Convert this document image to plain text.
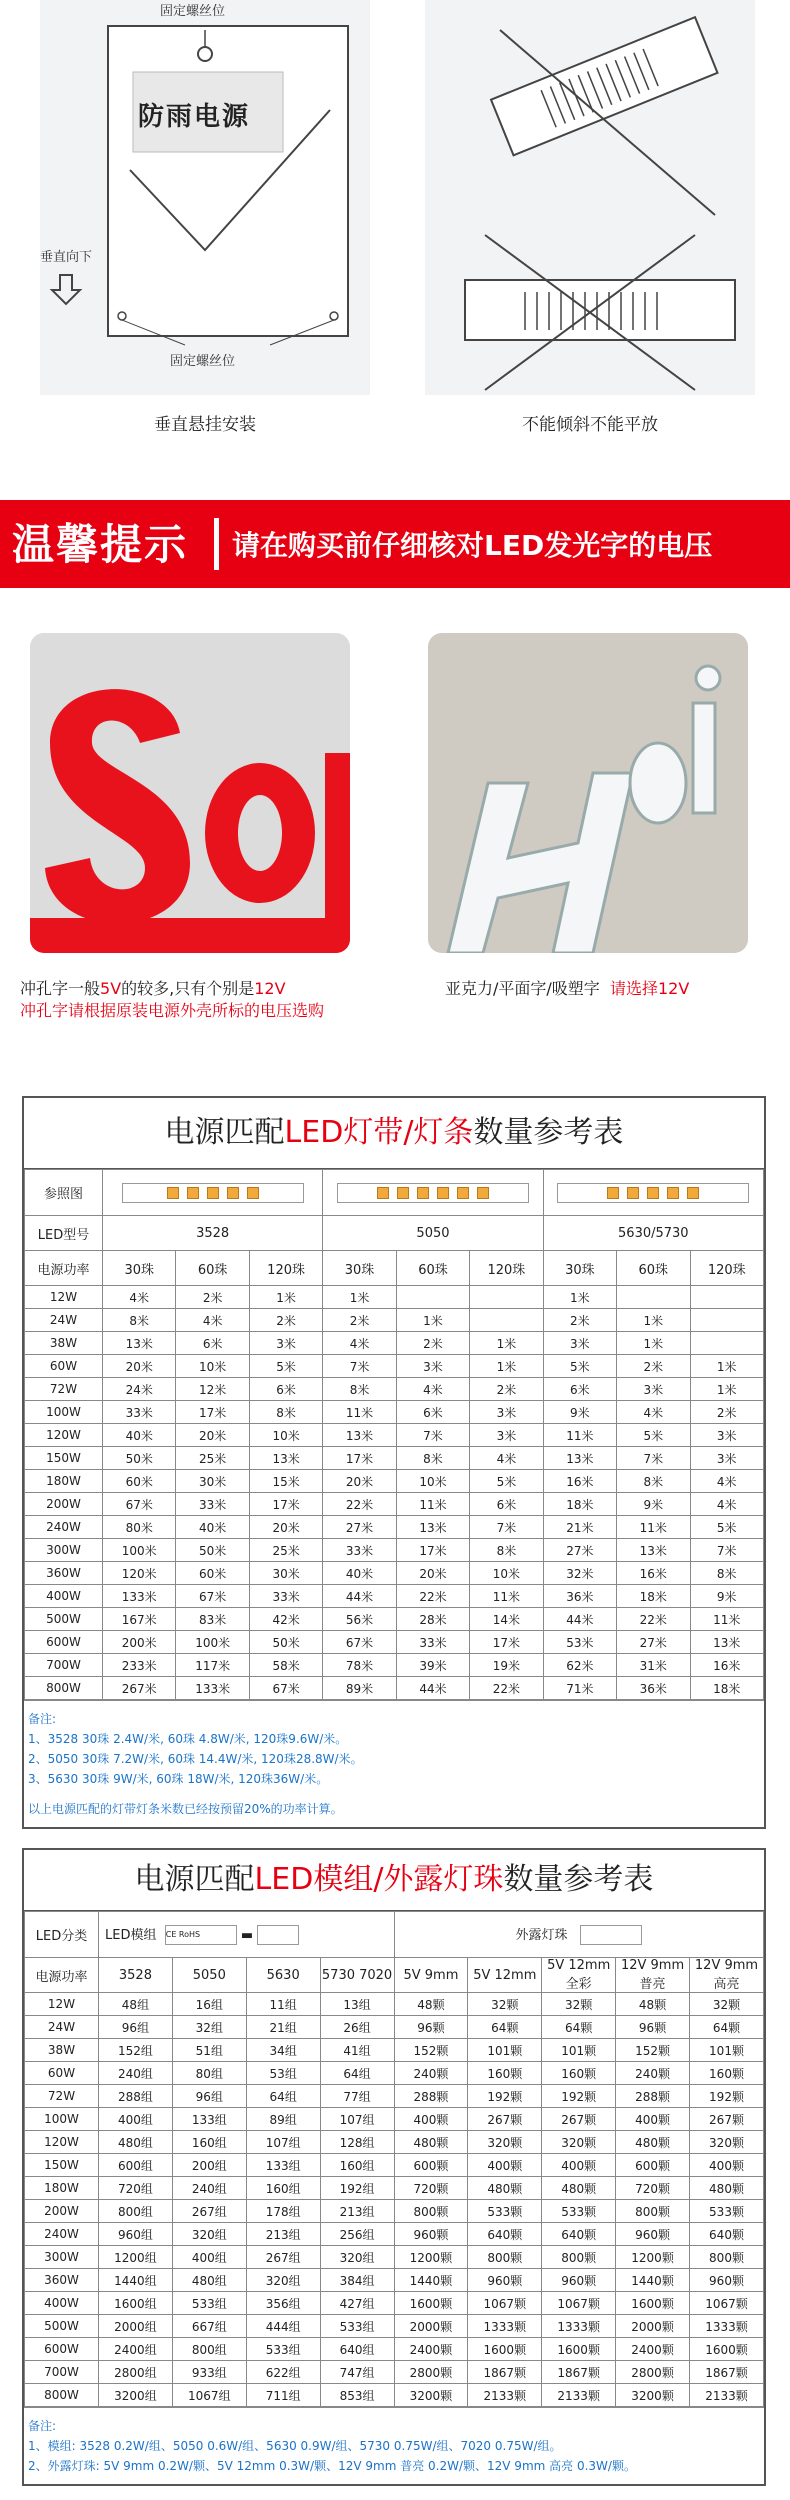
固定螺丝位
防雨电源
垂直向下
固定螺丝位
垂直悬挂安装	不能倾斜不能平放
温馨提示 请在购买前仔细核对LED发光字的电压
冲孔字一般5V的较多,只有个别是12V
冲孔字请根据原装电源外壳所标的电压选购
亚克力/平面字/吸塑字 请选择12V
电源匹配LED灯带/灯条数量参考表
参照图									
LED型号	3528			5050			5630/5730		
电源功率	30珠	60珠	120珠	30珠	60珠	120珠	30珠	60珠	120珠
12W	4米	2米	1米	1米			1米		
24W	8米	4米	2米	2米	1米		2米	1米	
38W	13米	6米	3米	4米	2米	1米	3米	1米	
60W	20米	10米	5米	7米	3米	1米	5米	2米	1米
72W	24米	12米	6米	8米	4米	2米	6米	3米	1米
100W	33米	17米	8米	11米	6米	3米	9米	4米	2米
120W	40米	20米	10米	13米	7米	3米	11米	5米	3米
150W	50米	25米	13米	17米	8米	4米	13米	7米	3米
180W	60米	30米	15米	20米	10米	5米	16米	8米	4米
200W	67米	33米	17米	22米	11米	6米	18米	9米	4米
240W	80米	40米	20米	27米	13米	7米	21米	11米	5米
300W	100米	50米	25米	33米	17米	8米	27米	13米	7米
360W	120米	60米	30米	40米	20米	10米	32米	16米	8米
400W	133米	67米	33米	44米	22米	11米	36米	18米	9米
500W	167米	83米	42米	56米	28米	14米	44米	22米	11米
600W	200米	100米	50米	67米	33米	17米	53米	27米	13米
700W	233米	117米	58米	78米	39米	19米	62米	31米	16米
800W	267米	133米	67米	89米	44米	22米	71米	36米	18米
备注:
1、3528 30珠 2.4W/米, 60珠 4.8W/米, 120珠9.6W/米。
2、5050 30珠 7.2W/米, 60珠 14.4W/米, 120珠28.8W/米。
3、5630 30珠 9W/米, 60珠 18W/米, 120珠36W/米。
以上电源匹配的灯带灯条米数已经按预留20%的功率计算。
电源匹配LED模组/外露灯珠数量参考表
LED分类	LED模组 CE RoHS ▬				外露灯珠				
电源功率	3528	5050	5630	5730 7020	5V 9mm	5V 12mm	5V 12mm 全彩	12V 9mm 普亮	12V 9mm 高亮
12W	48组	16组	11组	13组	48颗	32颗	32颗	48颗	32颗
24W	96组	32组	21组	26组	96颗	64颗	64颗	96颗	64颗
38W	152组	51组	34组	41组	152颗	101颗	101颗	152颗	101颗
60W	240组	80组	53组	64组	240颗	160颗	160颗	240颗	160颗
72W	288组	96组	64组	77组	288颗	192颗	192颗	288颗	192颗
100W	400组	133组	89组	107组	400颗	267颗	267颗	400颗	267颗
120W	480组	160组	107组	128组	480颗	320颗	320颗	480颗	320颗
150W	600组	200组	133组	160组	600颗	400颗	400颗	600颗	400颗
180W	720组	240组	160组	192组	720颗	480颗	480颗	720颗	480颗
200W	800组	267组	178组	213组	800颗	533颗	533颗	800颗	533颗
240W	960组	320组	213组	256组	960颗	640颗	640颗	960颗	640颗
300W	1200组	400组	267组	320组	1200颗	800颗	800颗	1200颗	800颗
360W	1440组	480组	320组	384组	1440颗	960颗	960颗	1440颗	960颗
400W	1600组	533组	356组	427组	1600颗	1067颗	1067颗	1600颗	1067颗
500W	2000组	667组	444组	533组	2000颗	1333颗	1333颗	2000颗	1333颗
600W	2400组	800组	533组	640组	2400颗	1600颗	1600颗	2400颗	1600颗
700W	2800组	933组	622组	747组	2800颗	1867颗	1867颗	2800颗	1867颗
800W	3200组	1067组	711组	853组	3200颗	2133颗	2133颗	3200颗	2133颗
备注:
1、模组: 3528 0.2W/组、5050 0.6W/组、5630 0.9W/组、5730 0.75W/组、7020 0.75W/组。
2、外露灯珠: 5V 9mm 0.2W/颗、5V 12mm 0.3W/颗、12V 9mm 普亮 0.2W/颗、12V 9mm 高亮 0.3W/颗。
